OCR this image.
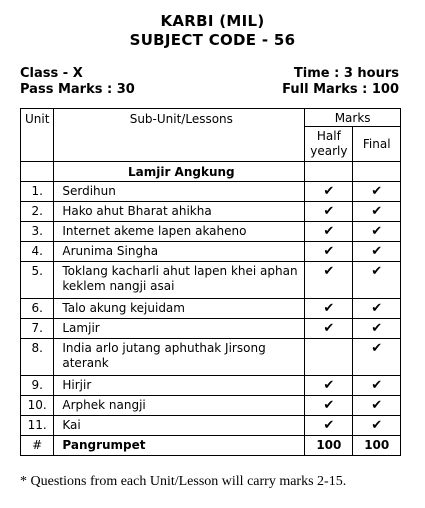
KARBI (MIL)
SUBJECT CODE - 56
Class - X
Pass Marks : 30
Time : 3 hours
Full Marks : 100
Unit	Sub-Unit/Lessons	Marks	
		Half yearly	Final
	Lamjir Angkung		
1.	Serdihun	✔	✔
2.	Hako ahut Bharat ahikha	✔	✔
3.	Internet akeme lapen akaheno	✔	✔
4.	Arunima Singha	✔	✔
5.	Toklang kacharli ahut lapen khei aphan keklem nangji asai	✔	✔
6.	Talo akung kejuidam	✔	✔
7.	Lamjir	✔	✔
8.	India arlo jutang aphuthak Jirsong aterank		✔
9.	Hirjir	✔	✔
10.	Arphek nangji	✔	✔
11.	Kai	✔	✔
#	Pangrumpet	100	100
* Questions from each Unit/Lesson will carry marks 2-15.
